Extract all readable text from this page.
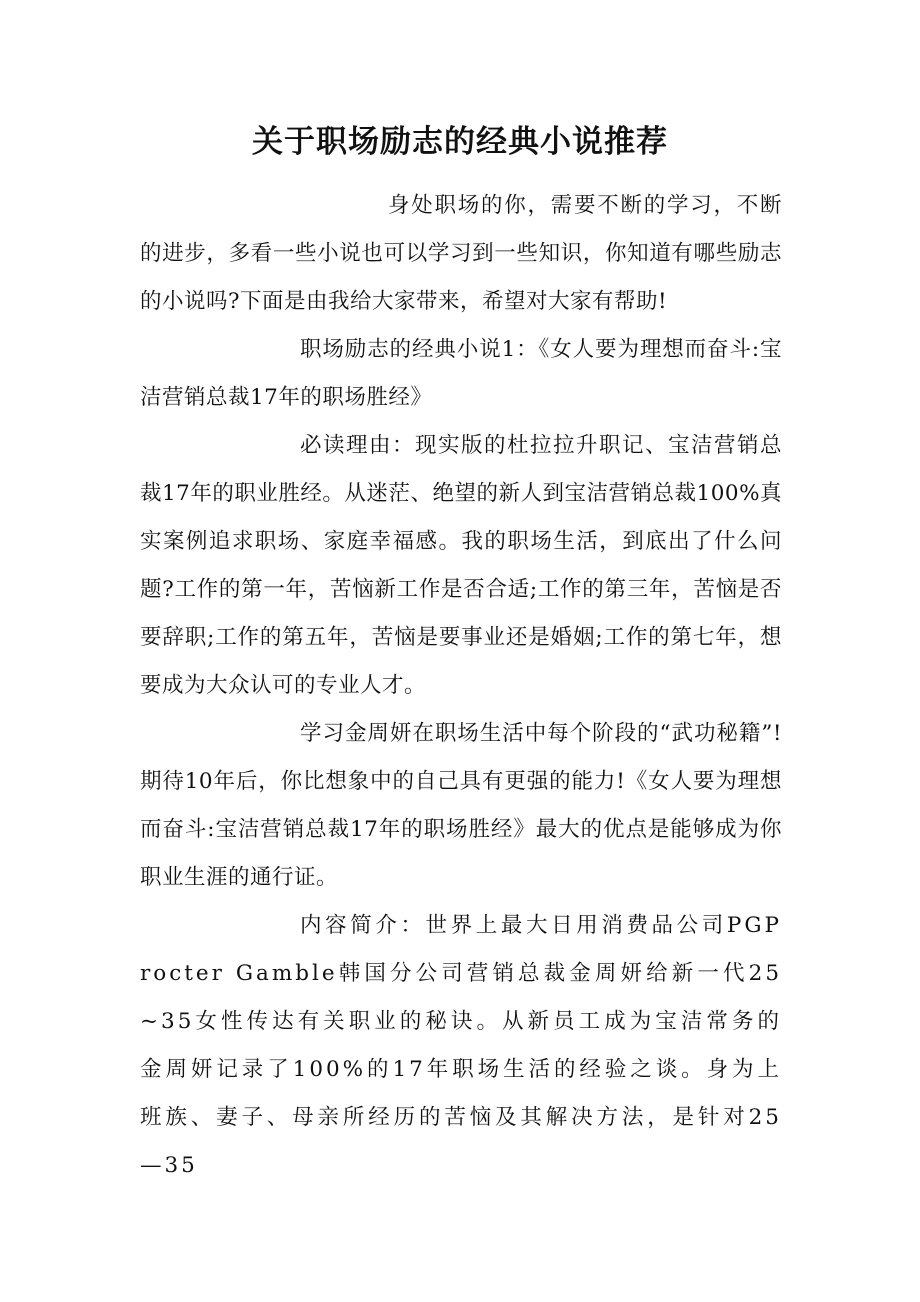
关于职场励志的经典小说推荐

身处职场的你，需要不断的学习，不断的进步，多看一些小说也可以学习到一些知识，你知道有哪些励志的小说吗?下面是由我给大家带来，希望对大家有帮助!

职场励志的经典小说1：《女人要为理想而奋斗:宝洁营销总裁17年的职场胜经》

必读理由：现实版的杜拉拉升职记、宝洁营销总裁17年的职业胜经。从迷茫、绝望的新人到宝洁营销总裁100%真实案例追求职场、家庭幸福感。我的职场生活，到底出了什么问题?工作的第一年，苦恼新工作是否合适;工作的第三年，苦恼是否要辞职;工作的第五年，苦恼是要事业还是婚姻;工作的第七年，想要成为大众认可的专业人才。

学习金周妍在职场生活中每个阶段的“武功秘籍”!期待10年后，你比想象中的自己具有更强的能力!《女人要为理想而奋斗:宝洁营销总裁17年的职场胜经》最大的优点是能够成为你职业生涯的通行证。

内容简介：世界上最大日用消费品公司PGProcter Gamble韩国分公司营销总裁金周妍给新一代25~35女性传达有关职业的秘诀。从新员工成为宝洁常务的金周妍记录了100%的17年职场生活的经验之谈。身为上班族、妻子、母亲所经历的苦恼及其解决方法，是针对25—35
